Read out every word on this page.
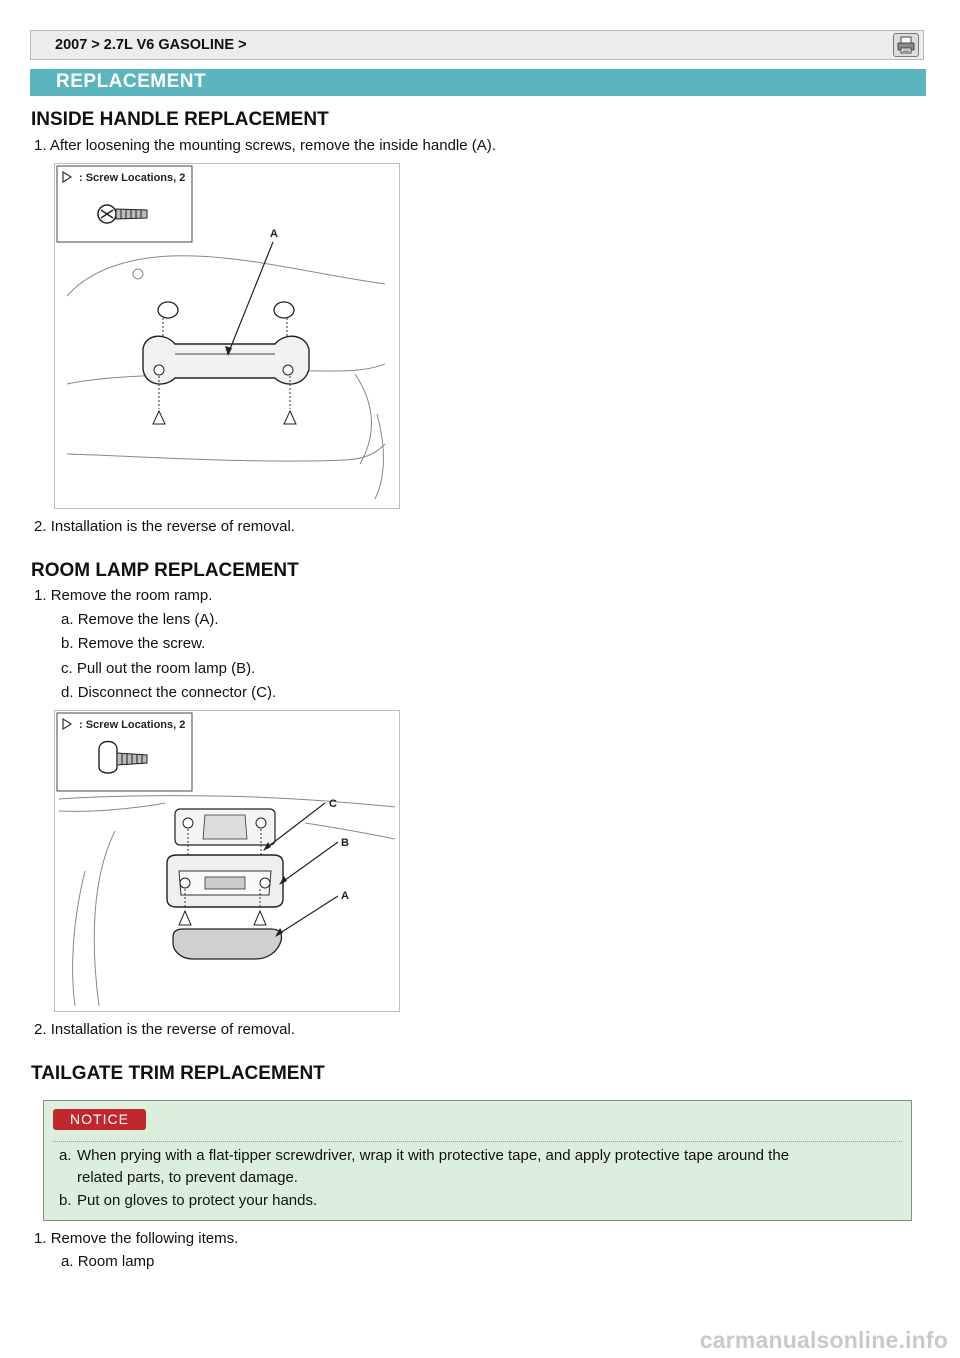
2007 > 2.7L V6 GASOLINE >
REPLACEMENT
INSIDE HANDLE REPLACEMENT
1. After loosening the mounting screws, remove the inside handle (A).
: Screw Locations, 2
A
2. Installation is the reverse of removal.
ROOM LAMP REPLACEMENT
1. Remove the room ramp.
a. Remove the lens (A).
b. Remove the screw.
c. Pull out the room lamp (B).
d. Disconnect the connector (C).
: Screw Locations, 2
C
B
A
2. Installation is the reverse of removal.
TAILGATE TRIM REPLACEMENT
NOTICE
a. When prying with a flat-tipper screwdriver, wrap it with protective tape, and apply protective tape around the
related parts, to prevent damage.
b. Put on gloves to protect your hands.
1. Remove the following items.
a. Room lamp
carmanualsonline.info
